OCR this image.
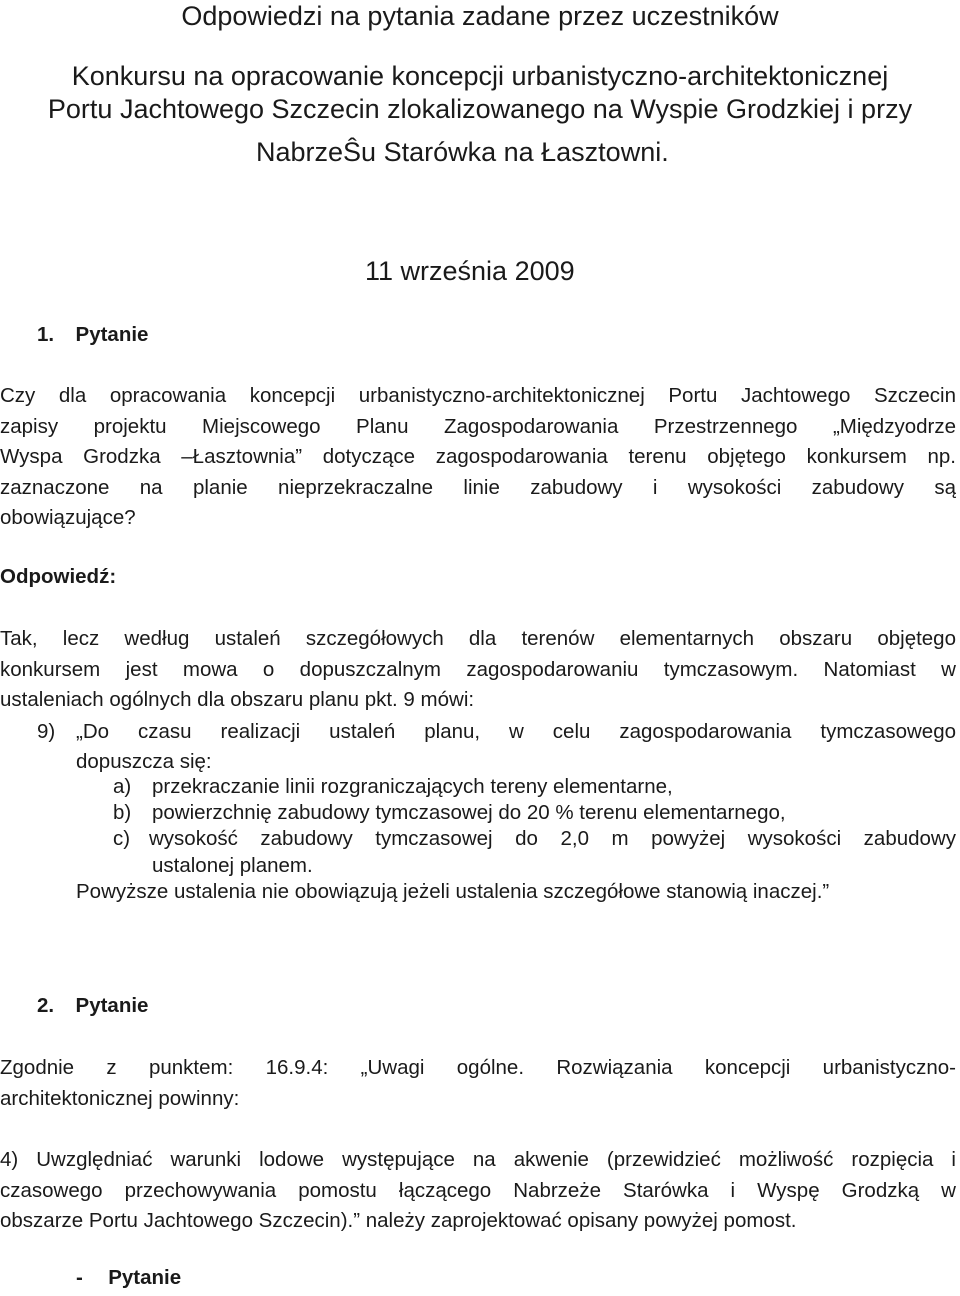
Odpowiedzi na pytania zadane przez uczestników
Konkursu na opracowanie koncepcji urbanistyczno-architektonicznej
Portu Jachtowego Szczecin zlokalizowanego na Wyspie Grodzkiej i przy
NabrzeŜu Starówka na Łasztowni.
11 września 2009
1. Pytanie
Czy dla opracowania koncepcji urbanistyczno-architektonicznej Portu Jachtowego Szczecin
zapisy projektu Miejscowego Planu Zagospodarowania Przestrzennego „Międzyodrze
Wyspa Grodzka –Łasztownia” dotyczące zagospodarowania terenu objętego konkursem np.
zaznaczone na planie nieprzekraczalne linie zabudowy i wysokości zabudowy są
obowiązujące?
Odpowiedź:
Tak, lecz według ustaleń szczegółowych dla terenów elementarnych obszaru objętego
konkursem jest mowa o dopuszczalnym zagospodarowaniu tymczasowym. Natomiast w
ustaleniach ogólnych dla obszaru planu pkt. 9 mówi:
9) „Do czasu realizacji ustaleń planu, w celu zagospodarowania tymczasowego
dopuszcza się:
a) przekraczanie linii rozgraniczających tereny elementarne,
b) powierzchnię zabudowy tymczasowej do 20 % terenu elementarnego,
c) wysokość zabudowy tymczasowej do 2,0 m powyżej wysokości zabudowy
ustalonej planem.
Powyższe ustalenia nie obowiązują jeżeli ustalenia szczegółowe stanowią inaczej.”
2. Pytanie
Zgodnie z punktem: 16.9.4: „Uwagi ogólne. Rozwiązania koncepcji urbanistyczno-
architektonicznej powinny:
4) Uwzględniać warunki lodowe występujące na akwenie (przewidzieć możliwość rozpięcia i
czasowego przechowywania pomostu łączącego Nabrzeże Starówka i Wyspę Grodzką w
obszarze Portu Jachtowego Szczecin).” należy zaprojektować opisany powyżej pomost.
- Pytanie
